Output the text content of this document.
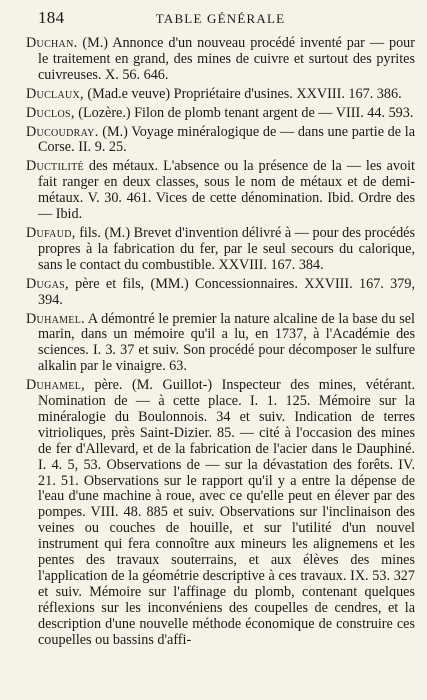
184	TABLE GÉNÉRALE

Duchan. (M.) Annonce d'un nouveau procédé inventé par — pour le traitement en grand, des mines de cuivre et surtout des pyrites cuivreuses. X. 56. 646.

Duclaux, (Mad.e veuve) Propriétaire d'usines. XXVIII. 167. 386.

Duclos, (Lozère.) Filon de plomb tenant argent de — VIII. 44. 593.

Ducoudray. (M.) Voyage minéralogique de — dans une partie de la Corse. II. 9. 25.

Ductilité des métaux. L'absence ou la présence de la — les avoit fait ranger en deux classes, sous le nom de métaux et de demi-métaux. V. 30. 461. Vices de cette dénomination. Ibid. Ordre des — Ibid.

Dufaud, fils. (M.) Brevet d'invention délivré à — pour des procédés propres à la fabrication du fer, par le seul secours du calorique, sans le contact du combustible. XXVIII. 167. 384.

Dugas, père et fils, (MM.) Concessionnaires. XXVIII. 167. 379, 394.

Duhamel. A démontré le premier la nature alcaline de la base du sel marin, dans un mémoire qu'il a lu, en 1737, à l'Académie des sciences. I. 3. 37 et suiv. Son procédé pour décomposer le sulfure alkalin par le vinaigre. 63.

Duhamel, père. (M. Guillot-) Inspecteur des mines, vétérant. Nomination de — à cette place. I. 1. 125. Mémoire sur la minéralogie du Boulonnois. 34 et suiv. Indication de terres vitrioliques, près Saint-Dizier. 85. — cité à l'occasion des mines de fer d'Allevard, et de la fabrication de l'acier dans le Dauphiné. I. 4. 5, 53. Observations de — sur la dévastation des forêts. IV. 21. 51. Observations sur le rapport qu'il y a entre la dépense de l'eau d'une machine à roue, avec ce qu'elle peut en élever par des pompes. VIII. 48. 885 et suiv. Observations sur l'inclinaison des veines ou couches de houille, et sur l'utilité d'un nouvel instrument qui fera connoître aux mineurs les alignemens et les pentes des travaux souterrains, et aux élèves des mines l'application de la géométrie descriptive à ces travaux. IX. 53. 327 et suiv. Mémoire sur l'affinage du plomb, contenant quelques réflexions sur les inconvéniens des coupelles de cendres, et la description d'une nouvelle méthode économique de construire ces coupelles ou bassins d'affi-
